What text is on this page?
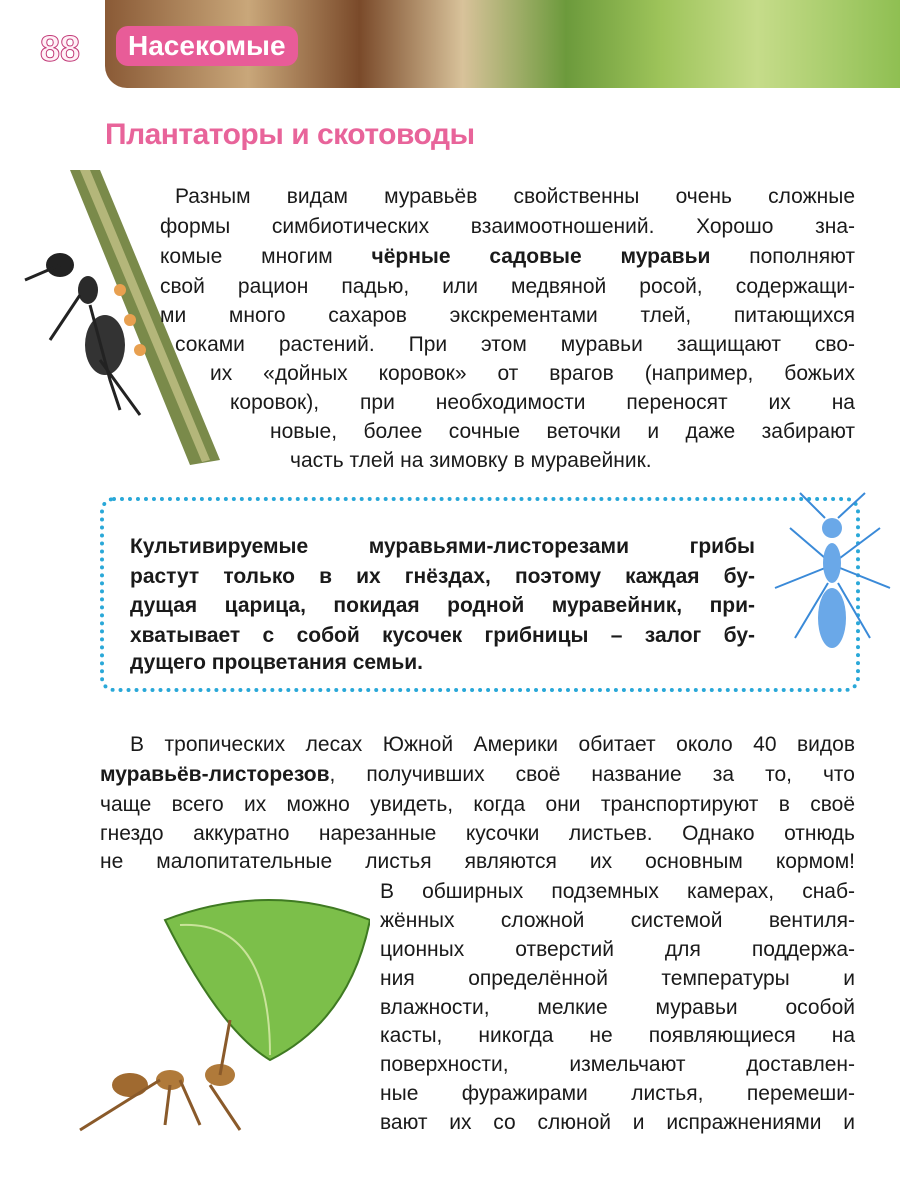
88	Насекомые
Плантаторы и скотоводы
Разным видам муравьёв свойственны очень сложные
формы симбиотических взаимоотношений. Хорошо зна-
комые многим чёрные садовые муравьи пополняют
свой рацион падью, или медвяной росой, содержащи-
ми много сахаров экскрементами тлей, питающихся
соками растений. При этом муравьи защищают сво-
их «дойных коровок» от врагов (например, божьих
коровок), при необходимости переносят их на
новые, более сочные веточки и даже забирают
часть тлей на зимовку в муравейник.
Культивируемые муравьями-листорезами грибы
растут только в их гнёздах, поэтому каждая бу-
дущая царица, покидая родной муравейник, при-
хватывает с собой кусочек грибницы – залог бу-
дущего процветания семьи.
В тропических лесах Южной Америки обитает около 40 видов
муравьёв-листорезов, получивших своё название за то, что
чаще всего их можно увидеть, когда они транспортируют в своё
гнездо аккуратно нарезанные кусочки листьев. Однако отнюдь
не малопитательные листья являются их основным кормом!
В обширных подземных камерах, снаб-
жённых сложной системой вентиля-
ционных отверстий для поддержа-
ния определённой температуры и
влажности, мелкие муравьи особой
касты, никогда не появляющиеся на
поверхности, измельчают доставлен-
ные фуражирами листья, перемеши-
вают их со слюной и испражнениями и
